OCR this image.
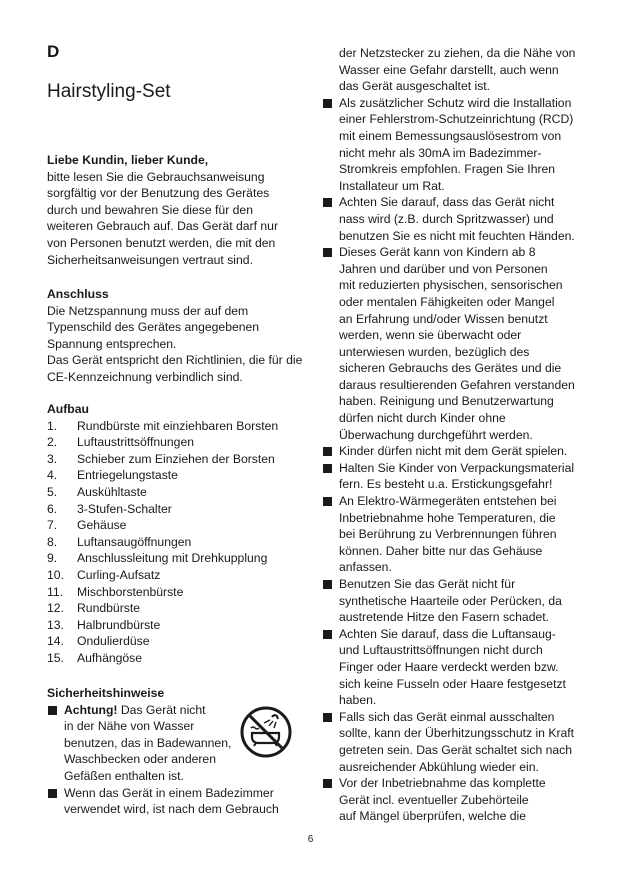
D
Hairstyling-Set

Liebe Kundin, lieber Kunde,

bitte lesen Sie die Gebrauchsanweisung

sorgfältig vor der Benutzung des Gerätes

durch und bewahren Sie diese für den

weiteren Gebrauch auf. Das Gerät darf nur

von Personen benutzt werden, die mit den

Sicherheitsanweisungen vertraut sind.

Anschluss

Die Netzspannung muss der auf dem

Typenschild des Gerätes angegebenen

Spannung entsprechen.

Das Gerät entspricht den Richtlinien, die für die

CE-Kennzeichnung verbindlich sind.

Aufbau

1.	Rundbürste mit einziehbaren Borsten
2.	Luftaustrittsöffnungen
3.	Schieber zum Einziehen der Borsten
4.	Entriegelungstaste
5.	Auskühltaste
6.	3-Stufen-Schalter
7.	Gehäuse
8.	Luftansaugöffnungen
9.	Anschlussleitung mit Drehkupplung
10.	Curling-Aufsatz
11.	Mischborstenbürste
12.	Rundbürste
13.	Halbrundbürste
14.	Ondulierdüse
15.	Aufhängöse

Sicherheitshinweise

Achtung! Das Gerät nicht

in der Nähe von Wasser

benutzen, das in Badewannen,

Waschbecken oder anderen

Gefäßen enthalten ist.

Wenn das Gerät in einem Badezimmer

verwendet wird, ist nach dem Gebrauch

der Netzstecker zu ziehen, da die Nähe von

Wasser eine Gefahr darstellt, auch wenn

das Gerät ausgeschaltet ist.

Als zusätzlicher Schutz wird die Installation

einer Fehlerstrom-Schutzeinrichtung (RCD)

mit einem Bemessungsauslösestrom von

nicht mehr als 30mA im Badezimmer-

Stromkreis empfohlen. Fragen Sie Ihren

Installateur um Rat.

Achten Sie darauf, dass das Gerät nicht

nass wird (z.B. durch Spritzwasser) und

benutzen Sie es nicht mit feuchten Händen.

Dieses Gerät kann von Kindern ab 8

Jahren und darüber und von Personen

mit reduzierten physischen, sensorischen

oder mentalen Fähigkeiten oder Mangel

an Erfahrung und/oder Wissen benutzt

werden, wenn sie überwacht oder

unterwiesen wurden, bezüglich des

sicheren Gebrauchs des Gerätes und die

daraus resultierenden Gefahren verstanden

haben. Reinigung und Benutzerwartung

dürfen nicht durch Kinder ohne

Überwachung durchgeführt werden.

Kinder dürfen nicht mit dem Gerät spielen.

Halten Sie Kinder von Verpackungsmaterial

fern. Es besteht u.a. Erstickungsgefahr!

An Elektro-Wärmegeräten entstehen bei

Inbetriebnahme hohe Temperaturen, die

bei Berührung zu Verbrennungen führen

können. Daher bitte nur das Gehäuse

anfassen.

Benutzen Sie das Gerät nicht für

synthetische Haarteile oder Perücken, da

austretende Hitze den Fasern schadet.

Achten Sie darauf, dass die Luftansaug-

und Luftaustrittsöffnungen nicht durch

Finger oder Haare verdeckt werden bzw.

sich keine Fusseln oder Haare festgesetzt

haben.

Falls sich das Gerät einmal ausschalten

sollte, kann der Überhitzungsschutz in Kraft

getreten sein. Das Gerät schaltet sich nach

ausreichender Abkühlung wieder ein.

Vor der Inbetriebnahme das komplette

Gerät incl. eventueller Zubehörteile

auf Mängel überprüfen, welche die

6
